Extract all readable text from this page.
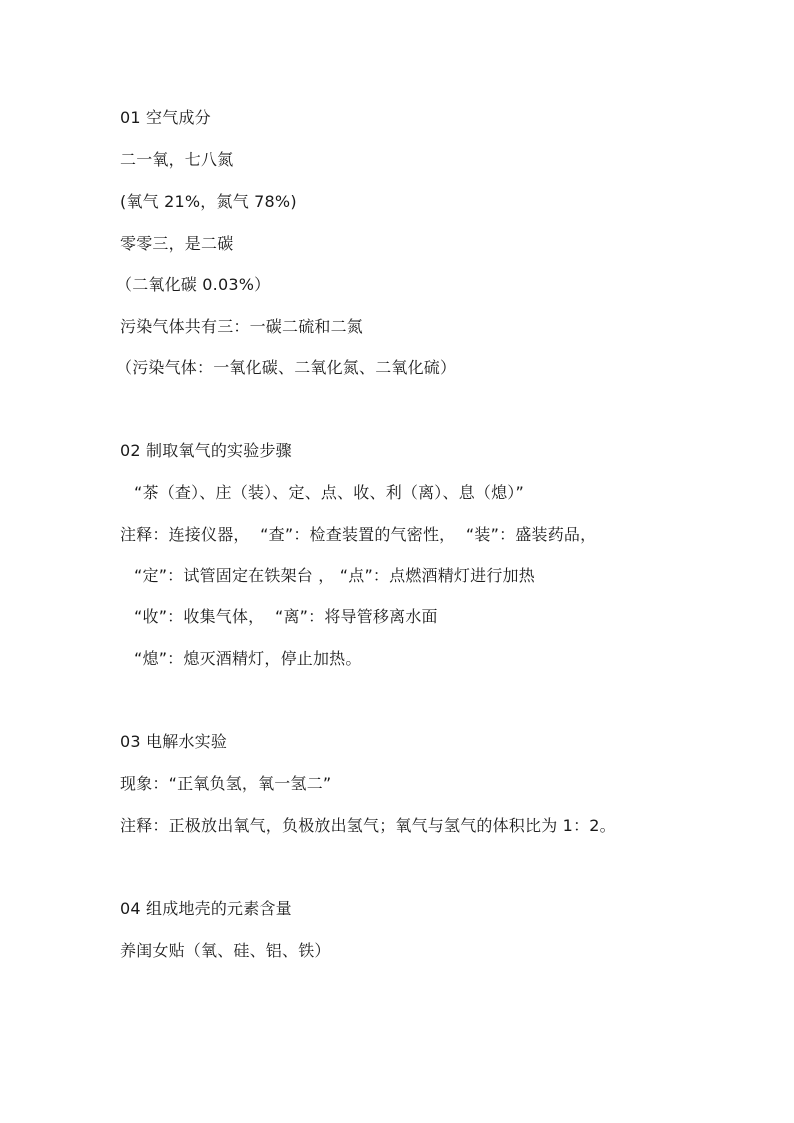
01 空气成分
二一氧，七八氮
(氧气 21%，氮气 78%)
零零三，是二碳
（二氧化碳 0.03%）
污染气体共有三：一碳二硫和二氮
（污染气体：一氧化碳、二氧化氮、二氧化硫）
02 制取氧气的实验步骤
“茶（查）、庄（装）、定、点、收、利（离）、息（熄）”
注释：连接仪器，  “查”：检查装置的气密性，  “装”：盛装药品，
“定”：试管固定在铁架台 ， “点”：点燃酒精灯进行加热
“收”：收集气体，  “离”：将导管移离水面
“熄”：熄灭酒精灯，停止加热。
03 电解水实验
现象：“正氧负氢，氧一氢二”
注释：正极放出氧气，负极放出氢气；氧气与氢气的体积比为 1：2。
04 组成地壳的元素含量
养闺女贴（氧、硅、铝、铁）
